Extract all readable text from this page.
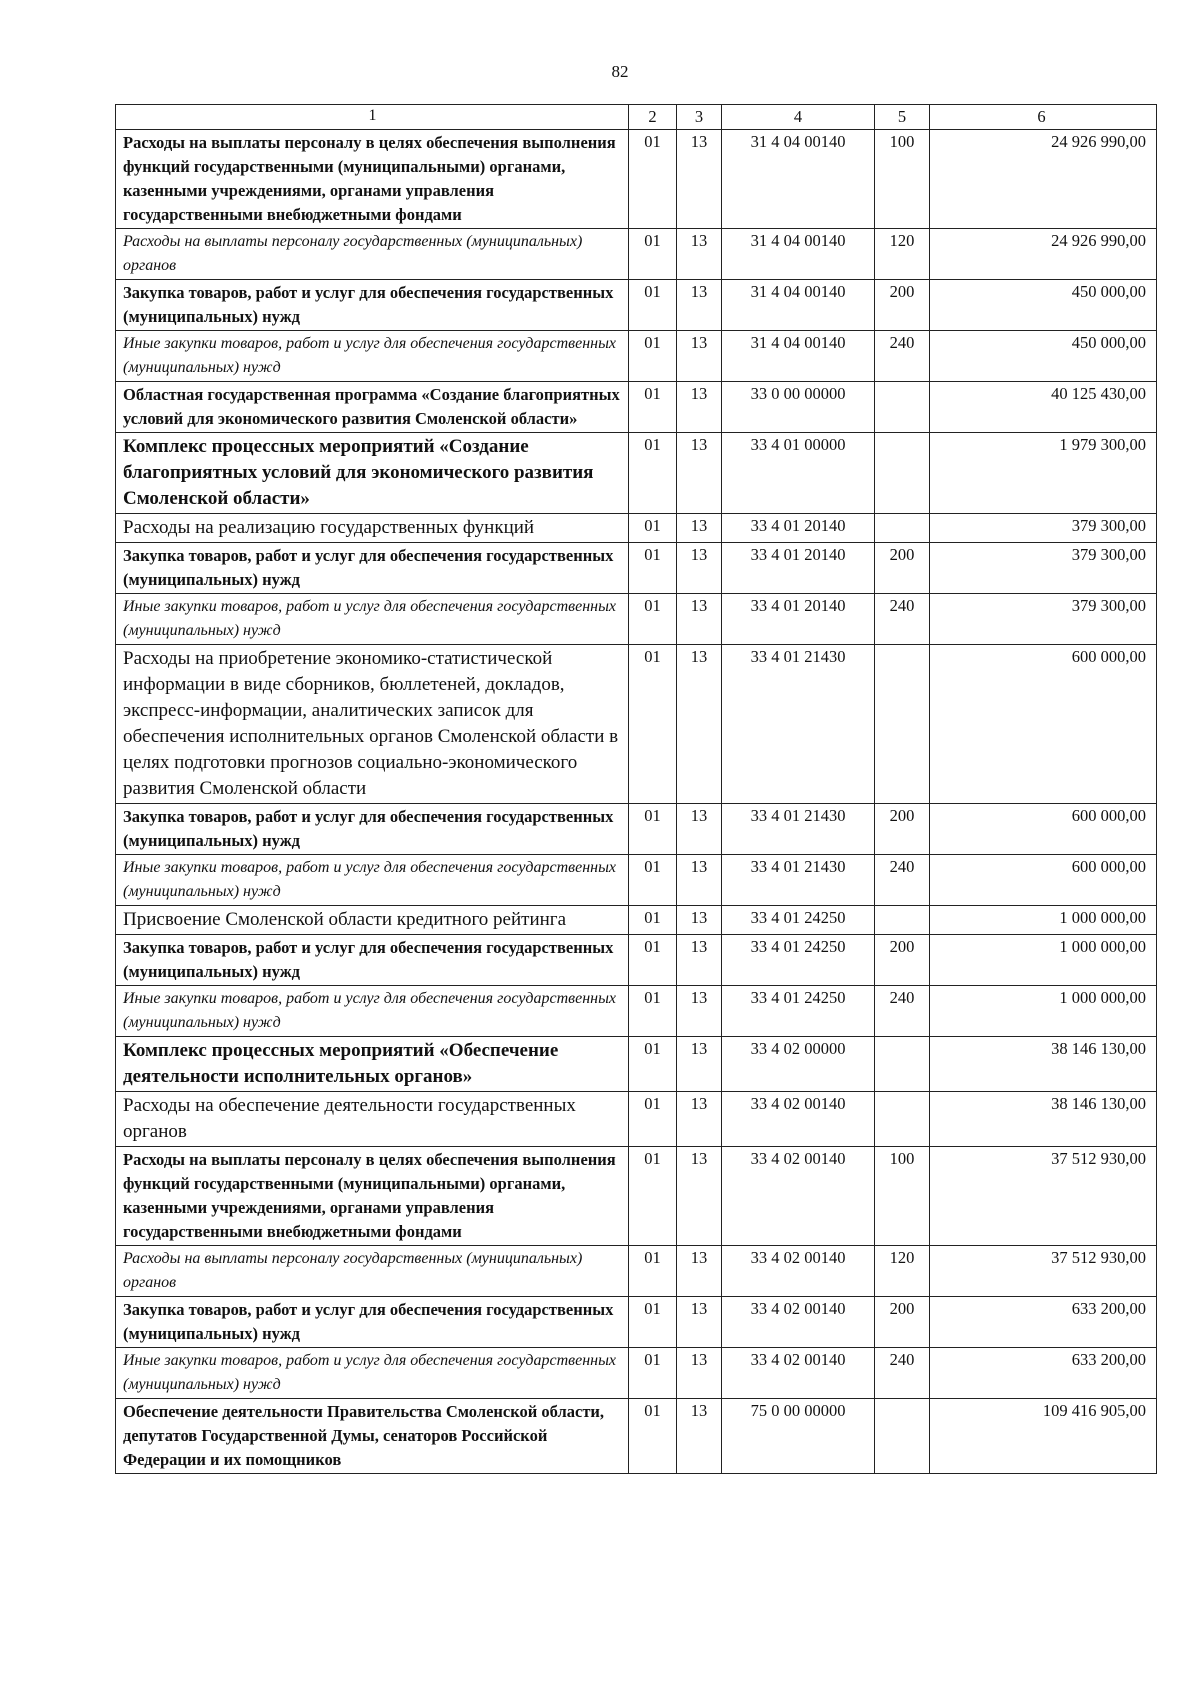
82
1	2	3	4	5	6
Расходы на выплаты персоналу в целях обеспечения выполнения функций государственными (муниципальными) органами, казенными учреждениями, органами управления государственными внебюджетными фондами	01	13	31 4 04 00140	100	24 926 990,00
Расходы на выплаты персоналу государственных (муниципальных) органов	01	13	31 4 04 00140	120	24 926 990,00
Закупка товаров, работ и услуг для обеспечения государственных (муниципальных) нужд	01	13	31 4 04 00140	200	450 000,00
Иные закупки товаров, работ и услуг для обеспечения государственных (муниципальных) нужд	01	13	31 4 04 00140	240	450 000,00
Областная государственная программа «Создание благоприятных условий для экономического развития Смоленской области»	01	13	33 0 00 00000		40 125 430,00
Комплекс процессных мероприятий «Создание благоприятных условий для экономического развития Смоленской области»	01	13	33 4 01 00000		1 979 300,00
Расходы на реализацию государственных функций	01	13	33 4 01 20140		379 300,00
Закупка товаров, работ и услуг для обеспечения государственных (муниципальных) нужд	01	13	33 4 01 20140	200	379 300,00
Иные закупки товаров, работ и услуг для обеспечения государственных (муниципальных) нужд	01	13	33 4 01 20140	240	379 300,00
Расходы на приобретение экономико-статистической информации в виде сборников, бюллетеней, докладов, экспресс-информации, аналитических записок для обеспечения исполнительных органов Смоленской области в целях подготовки прогнозов социально-экономического развития Смоленской области	01	13	33 4 01 21430		600 000,00
Закупка товаров, работ и услуг для обеспечения государственных (муниципальных) нужд	01	13	33 4 01 21430	200	600 000,00
Иные закупки товаров, работ и услуг для обеспечения государственных (муниципальных) нужд	01	13	33 4 01 21430	240	600 000,00
Присвоение Смоленской области кредитного рейтинга	01	13	33 4 01 24250		1 000 000,00
Закупка товаров, работ и услуг для обеспечения государственных (муниципальных) нужд	01	13	33 4 01 24250	200	1 000 000,00
Иные закупки товаров, работ и услуг для обеспечения государственных (муниципальных) нужд	01	13	33 4 01 24250	240	1 000 000,00
Комплекс процессных мероприятий «Обеспечение деятельности исполнительных органов»	01	13	33 4 02 00000		38 146 130,00
Расходы на обеспечение деятельности государственных органов	01	13	33 4 02 00140		38 146 130,00
Расходы на выплаты персоналу в целях обеспечения выполнения функций государственными (муниципальными) органами, казенными учреждениями, органами управления государственными внебюджетными фондами	01	13	33 4 02 00140	100	37 512 930,00
Расходы на выплаты персоналу государственных (муниципальных) органов	01	13	33 4 02 00140	120	37 512 930,00
Закупка товаров, работ и услуг для обеспечения государственных (муниципальных) нужд	01	13	33 4 02 00140	200	633 200,00
Иные закупки товаров, работ и услуг для обеспечения государственных (муниципальных) нужд	01	13	33 4 02 00140	240	633 200,00
Обеспечение деятельности Правительства Смоленской области, депутатов Государственной Думы, сенаторов Российской Федерации и их помощников	01	13	75 0 00 00000		109 416 905,00
